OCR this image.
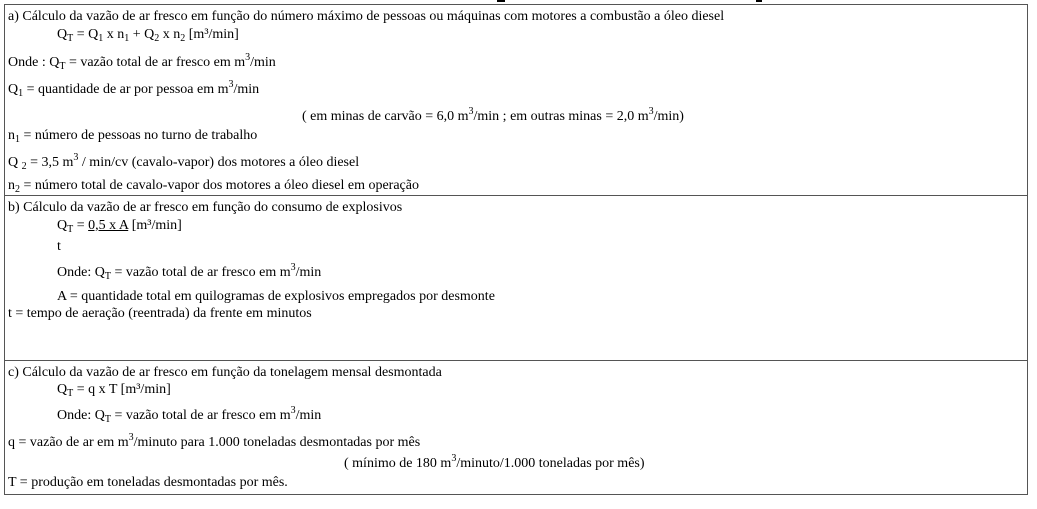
a) Cálculo da vazão de ar fresco em função do número máximo de pessoas ou máquinas com motores a combustão a óleo diesel
$Q_T = Q_1$ x $n_1 + Q_2$ x $n_2$ [m³/min]
Onde : $Q_T$ = vazão total de ar fresco em $m^3/\min$
$Q_1$ = quantidade de ar por pessoa em $m^3/\min$
( em minas de carvão = 6,0 $m^3/\min$ ; em outras minas = 2,0 $m^3/\min$)
$n_1$ = número de pessoas no turno de trabalho
Q $_2$ = 3,5 $m^3 / \min/cv$ (cavalo-vapor) dos motores a óleo diesel
$n_2$ = número total de cavalo-vapor dos motores a óleo diesel em operação

b) Cálculo da vazão de ar fresco em função do consumo de explosivos
$Q_T = 0,5$ x A [m³/min]
t
Onde: $Q_T$ = vazão total de ar fresco em $m^3/\min$
A = quantidade total em quilogramas de explosivos empregados por desmonte
t = tempo de aeração (reentrada) da frente em minutos

c) Cálculo da vazão de ar fresco em função da tonelagem mensal desmontada
$Q_T = q$ x T [m³/min]
Onde: $Q_T$ = vazão total de ar fresco em $m^3/\min$
q = vazão de ar em $m^3$/minuto para 1.000 toneladas desmontadas por mês
( mínimo de 180 $m^3/minuto/1.000$ toneladas por mês)
T = produção em toneladas desmontadas por mês.
